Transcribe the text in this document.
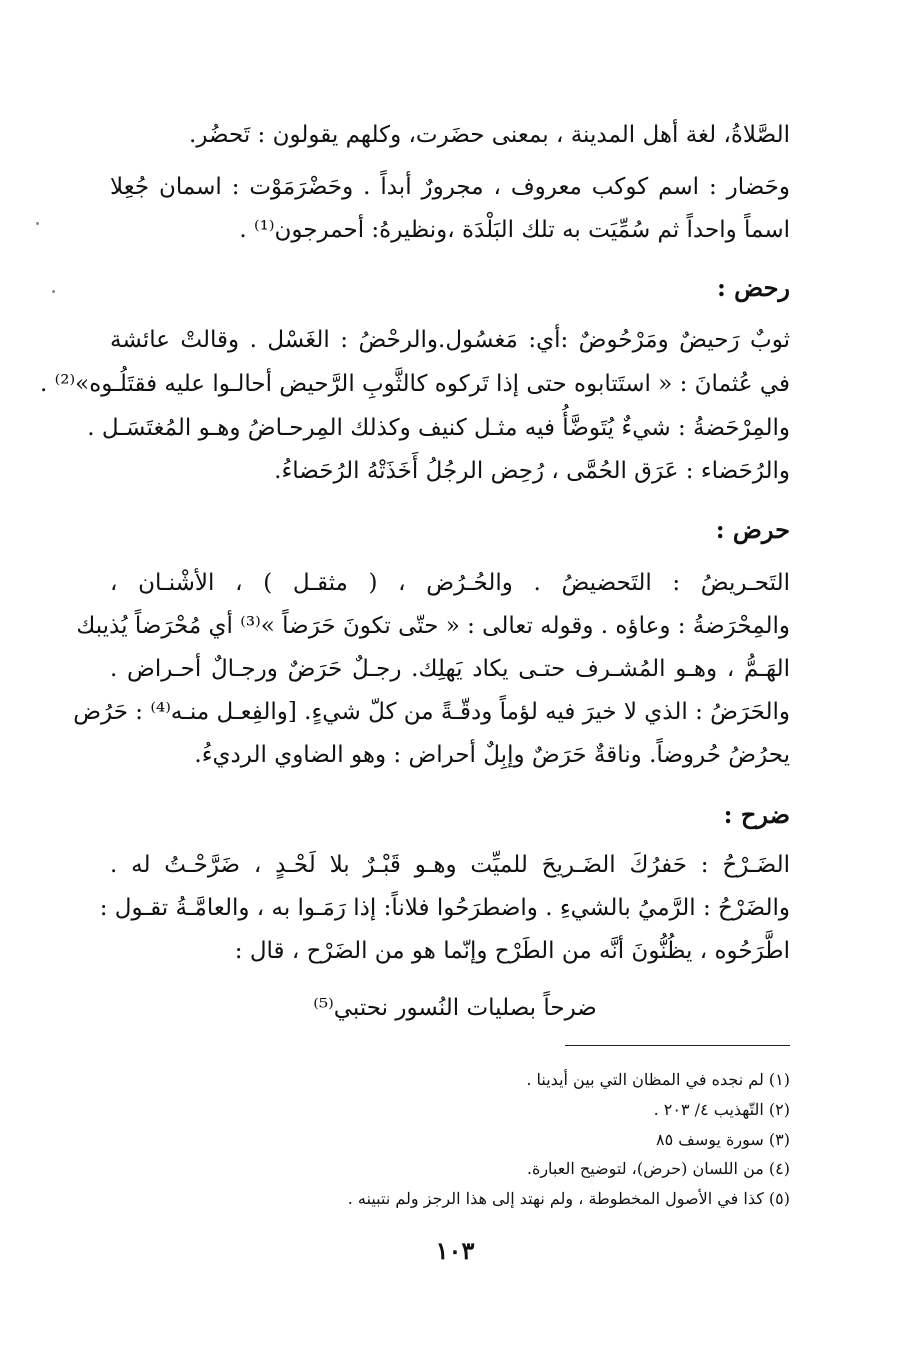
الصَّلاةُ، لغة أهل المدينة ، بمعنى حضَرت، وكلهم يقولون : تَحضُر.
وحَضار : اسم كوكب معروف ، مجرورٌ أبداً . وحَضْرَمَوْت : اسمان جُعِلا
اسماً واحداً ثم سُمِّيَت به تلك البَلْدَة ،ونظيرهُ: أحمرجون⁽¹⁾ .
رحض :
ثوبٌ رَحيضٌ ومَرْحُوضٌ :أي: مَغسُول.والرحْضُ : الغَسْل . وقالتْ عائشة
في عُثمانَ : « استَتابوه حتى إذا تَركوه كالثَّوبِ الرَّحيض أحالـوا عليه فقتَلُـوه»⁽²⁾ .
والمِرْحَضةُ : شيءٌ يُتَوضَّأُ فيه مثـل كنيف وكذلك المِرحـاضُ وهـو المُغتَسَـل .
والرُحَضاء : عَرَق الحُمَّى ، رُحِض الرجُلُ أَخَذَتْهُ الرُحَضاءُ.
حرض :
التَحـريضُ : التَحضيضُ . والحُـرُض ، ( مثقـل ) ، الأشْنـان ،
والمِحْرَضةُ : وعاؤه . وقوله تعالى : « حتّى تكونَ حَرَضاً »⁽³⁾ أي مُحْرَضاً يُذيبك
الهَـمُّ ، وهـو المُشـرف حتـى يكاد يَهلِك. رجـلٌ حَرَضٌ ورجـالٌ أحـراض .
والحَرَضُ : الذي لا خيرَ فيه لؤماً ودقّـةً من كلّ شيءٍ. [والفِعـل منـه⁽⁴⁾ : حَرُض
يحرُضُ حُروضاً. وناقةٌ حَرَضٌ وإبِلٌ أحراض : وهو الضاوي الرديءُ.
ضرح :
الضَـرْحُ : حَفرُكَ الضَـريحَ للميِّت وهـو قَبْـرٌ بلا لَحْـدٍ ، ضَرَّحْـتُ له .
والضَرْحُ : الرَّميُ بالشيءِ . واضطرَحُوا فلاناً: إذا رَمَـوا به ، والعامَّـةُ تقـول :
اطَّرَحُوه ، يظُنُّونَ أنَّه من الطَرْح وإنّما هو من الضَرْح ، قال :
ضرحاً بصليات النُسور نحتبي⁽⁵⁾
(١) لم نجده في المظان التي بين أيدينا .
(٢) التّهذيب ٤/ ٢٠٣ .
(٣) سورة يوسف ٨٥
(٤) من اللسان (حرض)، لتوضيح العبارة.
(٥) كذا في الأصول المخطوطة ، ولم نهتد إلى هذا الرجز ولم نتبينه .
١٠٣
